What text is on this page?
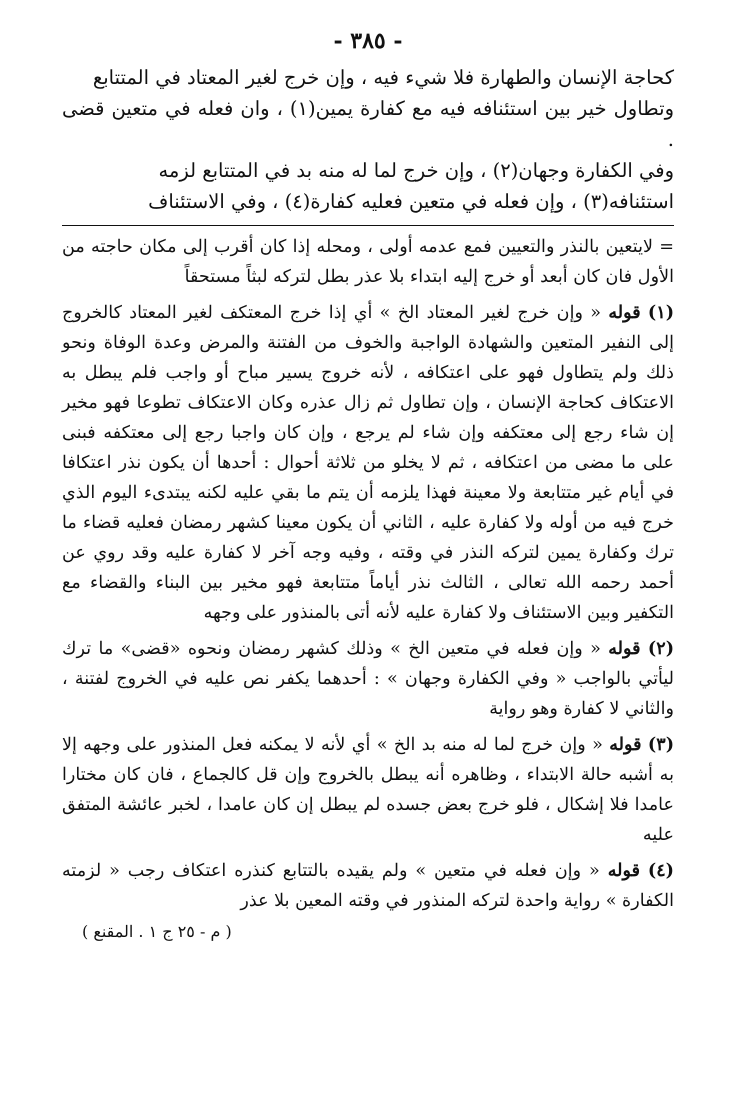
- ٣٨٥ -

كحاجة الإنسان والطهارة فلا شيء فيه ، وإن خرج لغير المعتاد في المتتابع

وتطاول خير بين استئنافه فيه مع كفارة يمين(١) ، وان فعله في متعين قضى .

وفي الكفارة وجهان(٢) ، وإن خرج لما له منه بد في المتتابع لزمه

استئنافه(٣) ، وإن فعله في متعين فعليه كفارة(٤) ، وفي الاستئناف

= لايتعين بالنذر والتعيين فمع عدمه أولى ، ومحله إذا كان أقرب إلى مكان حاجته من الأول فان كان أبعد أو خرج إليه ابتداء بلا عذر بطل لتركه لبثاً مستحقاً

(١) قوله « وإن خرج لغير المعتاد الخ » أي إذا خرج المعتكف لغير المعتاد كالخروج إلى النفير المتعين والشهادة الواجبة والخوف من الفتنة والمرض وعدة الوفاة ونحو ذلك ولم يتطاول فهو على اعتكافه ، لأنه خروج يسير مباح أو واجب فلم يبطل به الاعتكاف كحاجة الإنسان ، وإن تطاول ثم زال عذره وكان الاعتكاف تطوعا فهو مخير إن شاء رجع إلى معتكفه وإن شاء لم يرجع ، وإن كان واجبا رجع إلى معتكفه فبنى على ما مضى من اعتكافه ، ثم لا يخلو من ثلاثة أحوال : أحدها أن يكون نذر اعتكافا في أيام غير متتابعة ولا معينة فهذا يلزمه أن يتم ما بقي عليه لكنه يبتدىء اليوم الذي خرج فيه من أوله ولا كفارة عليه ، الثاني أن يكون معينا كشهر رمضان فعليه قضاء ما ترك وكفارة يمين لتركه النذر في وقته ، وفيه وجه آخر لا كفارة عليه وقد روي عن أحمد رحمه الله تعالى ، الثالث نذر أياماً متتابعة فهو مخير بين البناء والقضاء مع التكفير وبين الاستئناف ولا كفارة عليه لأنه أتى بالمنذور على وجهه

(٢) قوله « وإن فعله في متعين الخ » وذلك كشهر رمضان ونحوه «قضى» ما ترك ليأتي بالواجب « وفي الكفارة وجهان » : أحدهما يكفر نص عليه في الخروج لفتنة ، والثاني لا كفارة وهو رواية

(٣) قوله « وإن خرج لما له منه بد الخ » أي لأنه لا يمكنه فعل المنذور على وجهه إلا به أشبه حالة الابتداء ، وظاهره أنه يبطل بالخروج وإن قل كالجماع ، فان كان مختارا عامدا فلا إشكال ، فلو خرج بعض جسده لم يبطل إن كان عامدا ، لخبر عائشة المتفق عليه

(٤) قوله « وإن فعله في متعين » ولم يقيده بالتتابع كنذره اعتكاف رجب « لزمته الكفارة » رواية واحدة لتركه المنذور في وقته المعين بلا عذر

( م - ٢٥ ج ١ . المقنع )
